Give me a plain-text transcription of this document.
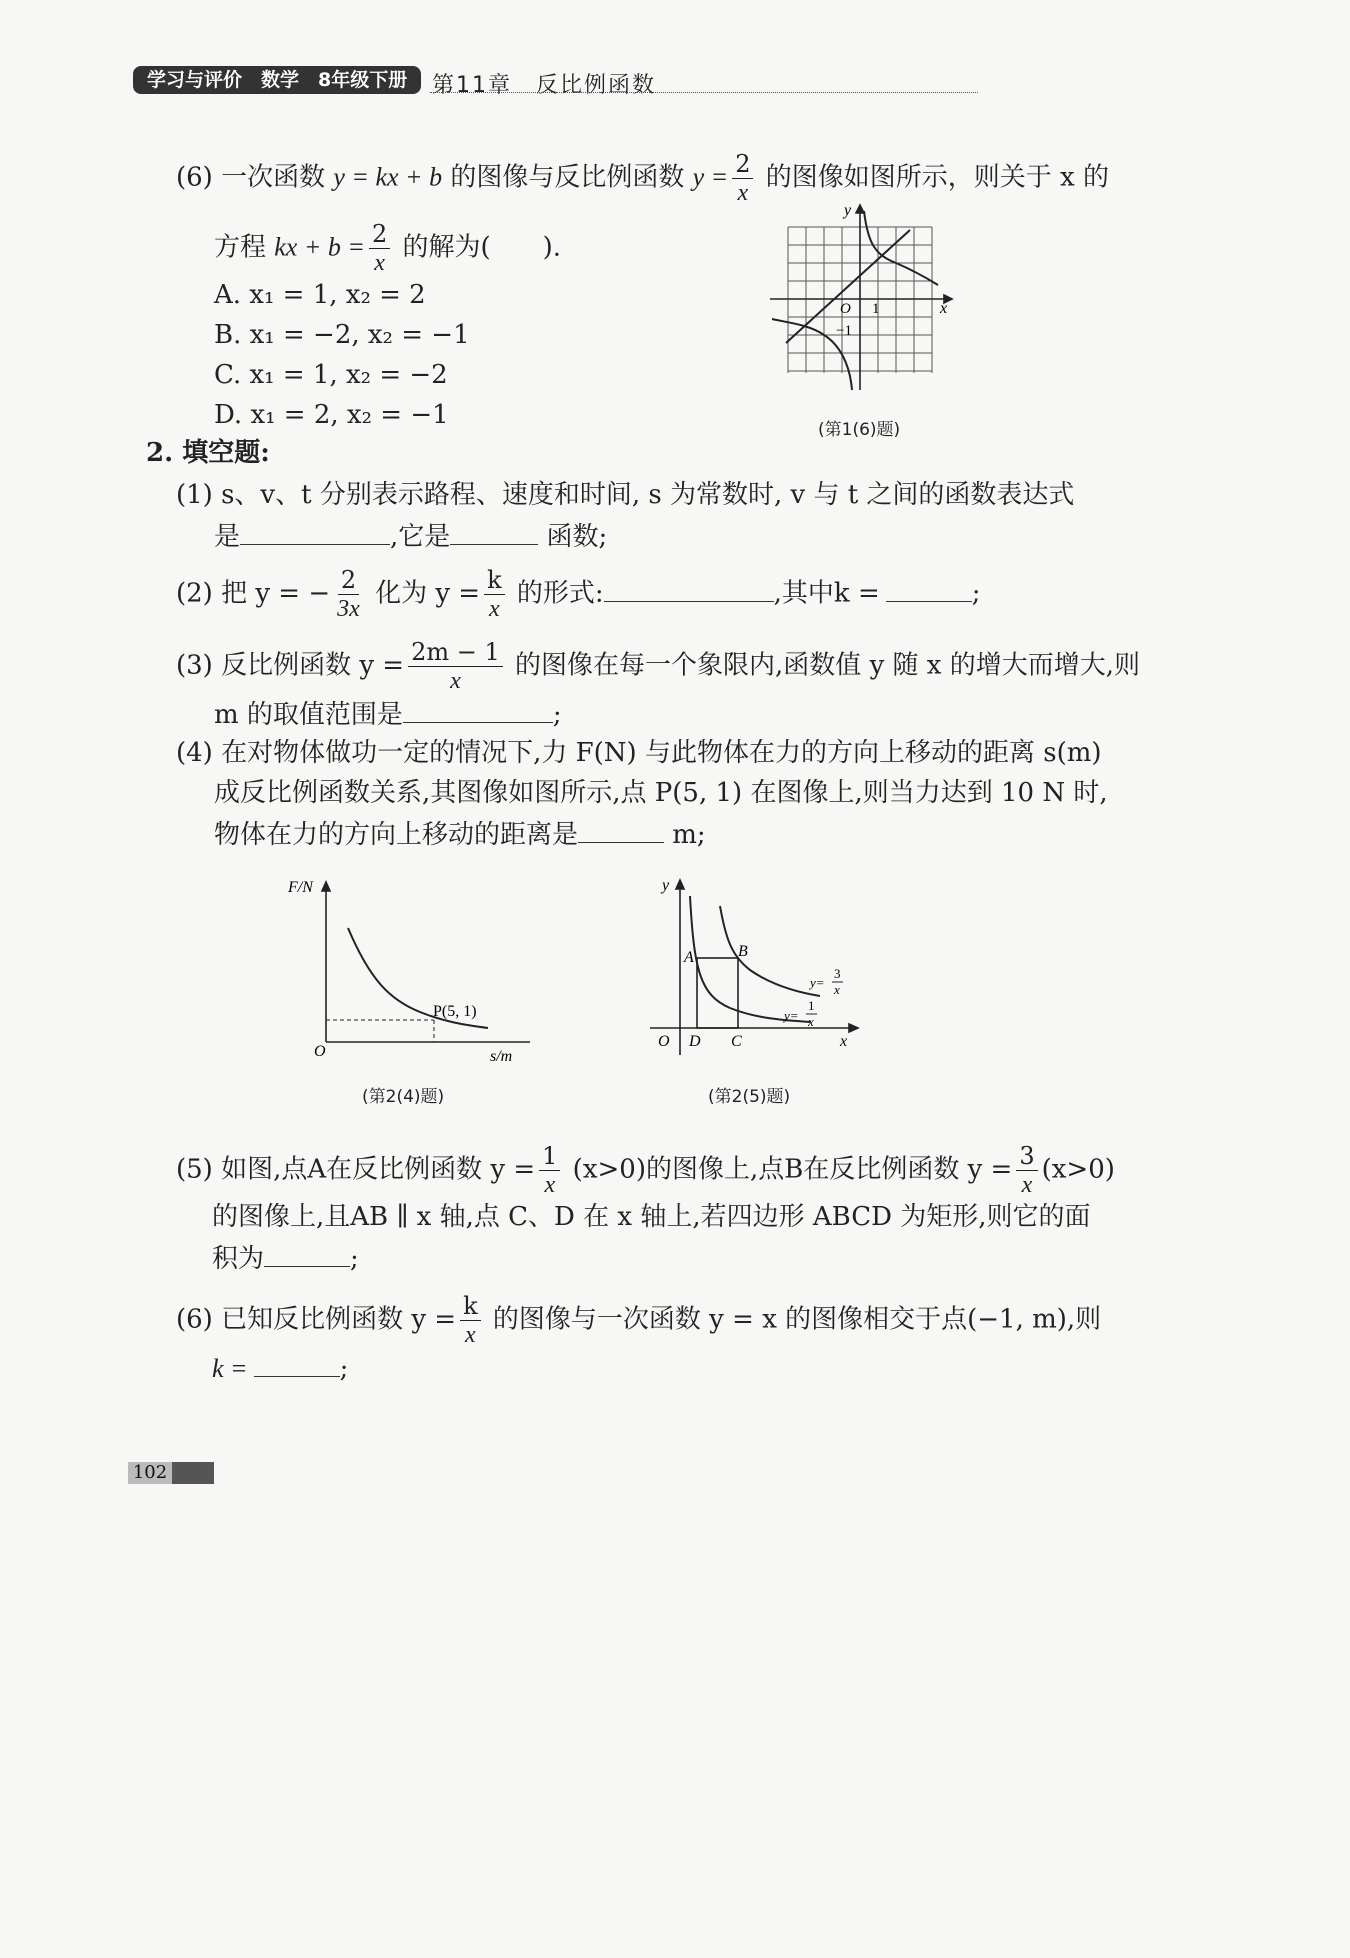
学习与评价　数学　8年级下册	第11章　反比例函数
(6) 一次函数 y = kx + b 的图像与反比例函数 $y = \frac{2}{x}$ 的图像如图所示，则关于 x 的
方程 kx + $b = \frac{2}{x}$ 的解为(　　).
A. x₁ = 1, x₂ = 2
B. x₁ = −2, x₂ = −1
C. x₁ = 1, x₂ = −2
D. x₁ = 2, x₂ = −1
y
x
O 1
−1
(第1(6)题)
2. 填空题:
(1) s、v、t 分别表示路程、速度和时间, s 为常数时, v 与 t 之间的函数表达式
是	,它是	函数;
(2) 把 y = − $\frac{2}{3x}$ 化为 $y = \frac{k}{x}$ 的形式:	,其中k =	;
(3) 反比例函数 $y = \frac{2m - 1}{x}$ 的图像在每一个象限内,函数值 y 随 x 的增大而增大,则
m 的取值范围是	;
(4) 在对物体做功一定的情况下,力 F(N) 与此物体在力的方向上移动的距离 s(m)
成反比例函数关系,其图像如图所示,点 P(5, 1) 在图像上,则当力达到 10 N 时,
物体在力的方向上移动的距离是	m;
F/N
s/m
O
P(5, 1)
(第2(4)题)
y
x
O
A	B
D C
y=
3
x
y=
1
x
(第2(5)题)
(5) 如图,点A在反比例函数 $y = \frac{1}{x} (x>0)$的图像上,点B在反比例函数 $y = \frac{3}{x} (x>0)$
的图像上,且AB ∥ x 轴,点 C、D 在 x 轴上,若四边形 ABCD 为矩形,则它的面
积为	;
(6) 已知反比例函数 $y = \frac{k}{x}$ 的图像与一次函数 y = x 的图像相交于点(−1, m),则
k =	;
102
